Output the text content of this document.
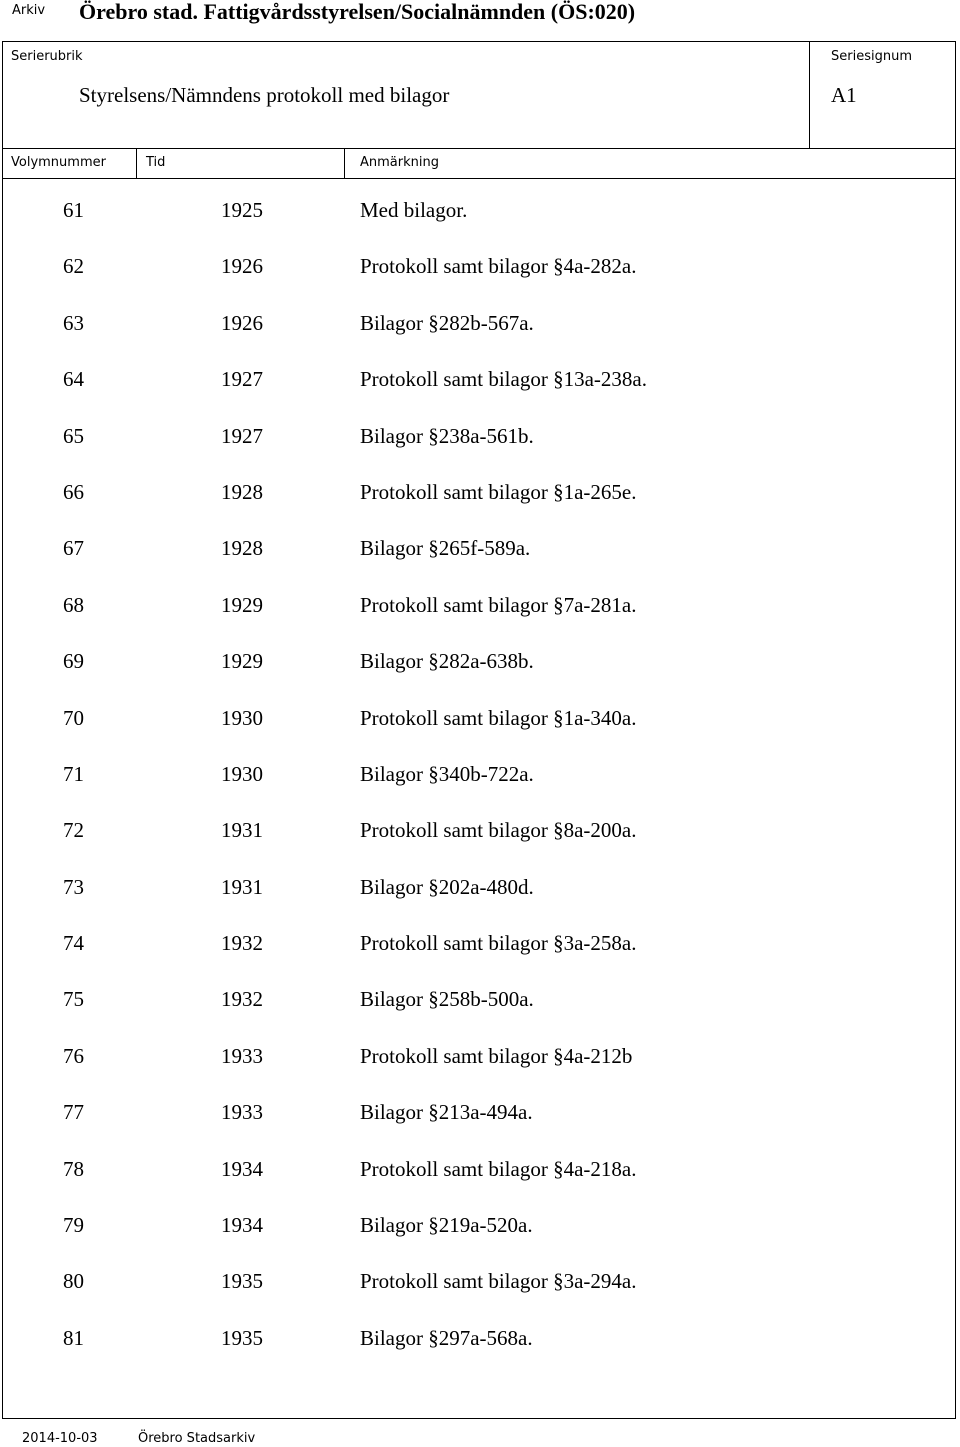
Arkiv Örebro stad. Fattigvårdsstyrelsen/Socialnämnden (ÖS:020)
Serierubrik
Styrelsens/Nämndens protokoll med bilagor
Seriesignum
A1
Volymnummer	Tid	Anmärkning
61	1925	Med bilagor.
62	1926	Protokoll samt bilagor §4a-282a.
63	1926	Bilagor §282b-567a.
64	1927	Protokoll samt bilagor §13a-238a.
65	1927	Bilagor §238a-561b.
66	1928	Protokoll samt bilagor §1a-265e.
67	1928	Bilagor §265f-589a.
68	1929	Protokoll samt bilagor §7a-281a.
69	1929	Bilagor §282a-638b.
70	1930	Protokoll samt bilagor §1a-340a.
71	1930	Bilagor §340b-722a.
72	1931	Protokoll samt bilagor §8a-200a.
73	1931	Bilagor §202a-480d.
74	1932	Protokoll samt bilagor §3a-258a.
75	1932	Bilagor §258b-500a.
76	1933	Protokoll samt bilagor §4a-212b
77	1933	Bilagor §213a-494a.
78	1934	Protokoll samt bilagor §4a-218a.
79	1934	Bilagor §219a-520a.
80	1935	Protokoll samt bilagor §3a-294a.
81	1935	Bilagor §297a-568a.
2014-10-03	Örebro Stadsarkiv
